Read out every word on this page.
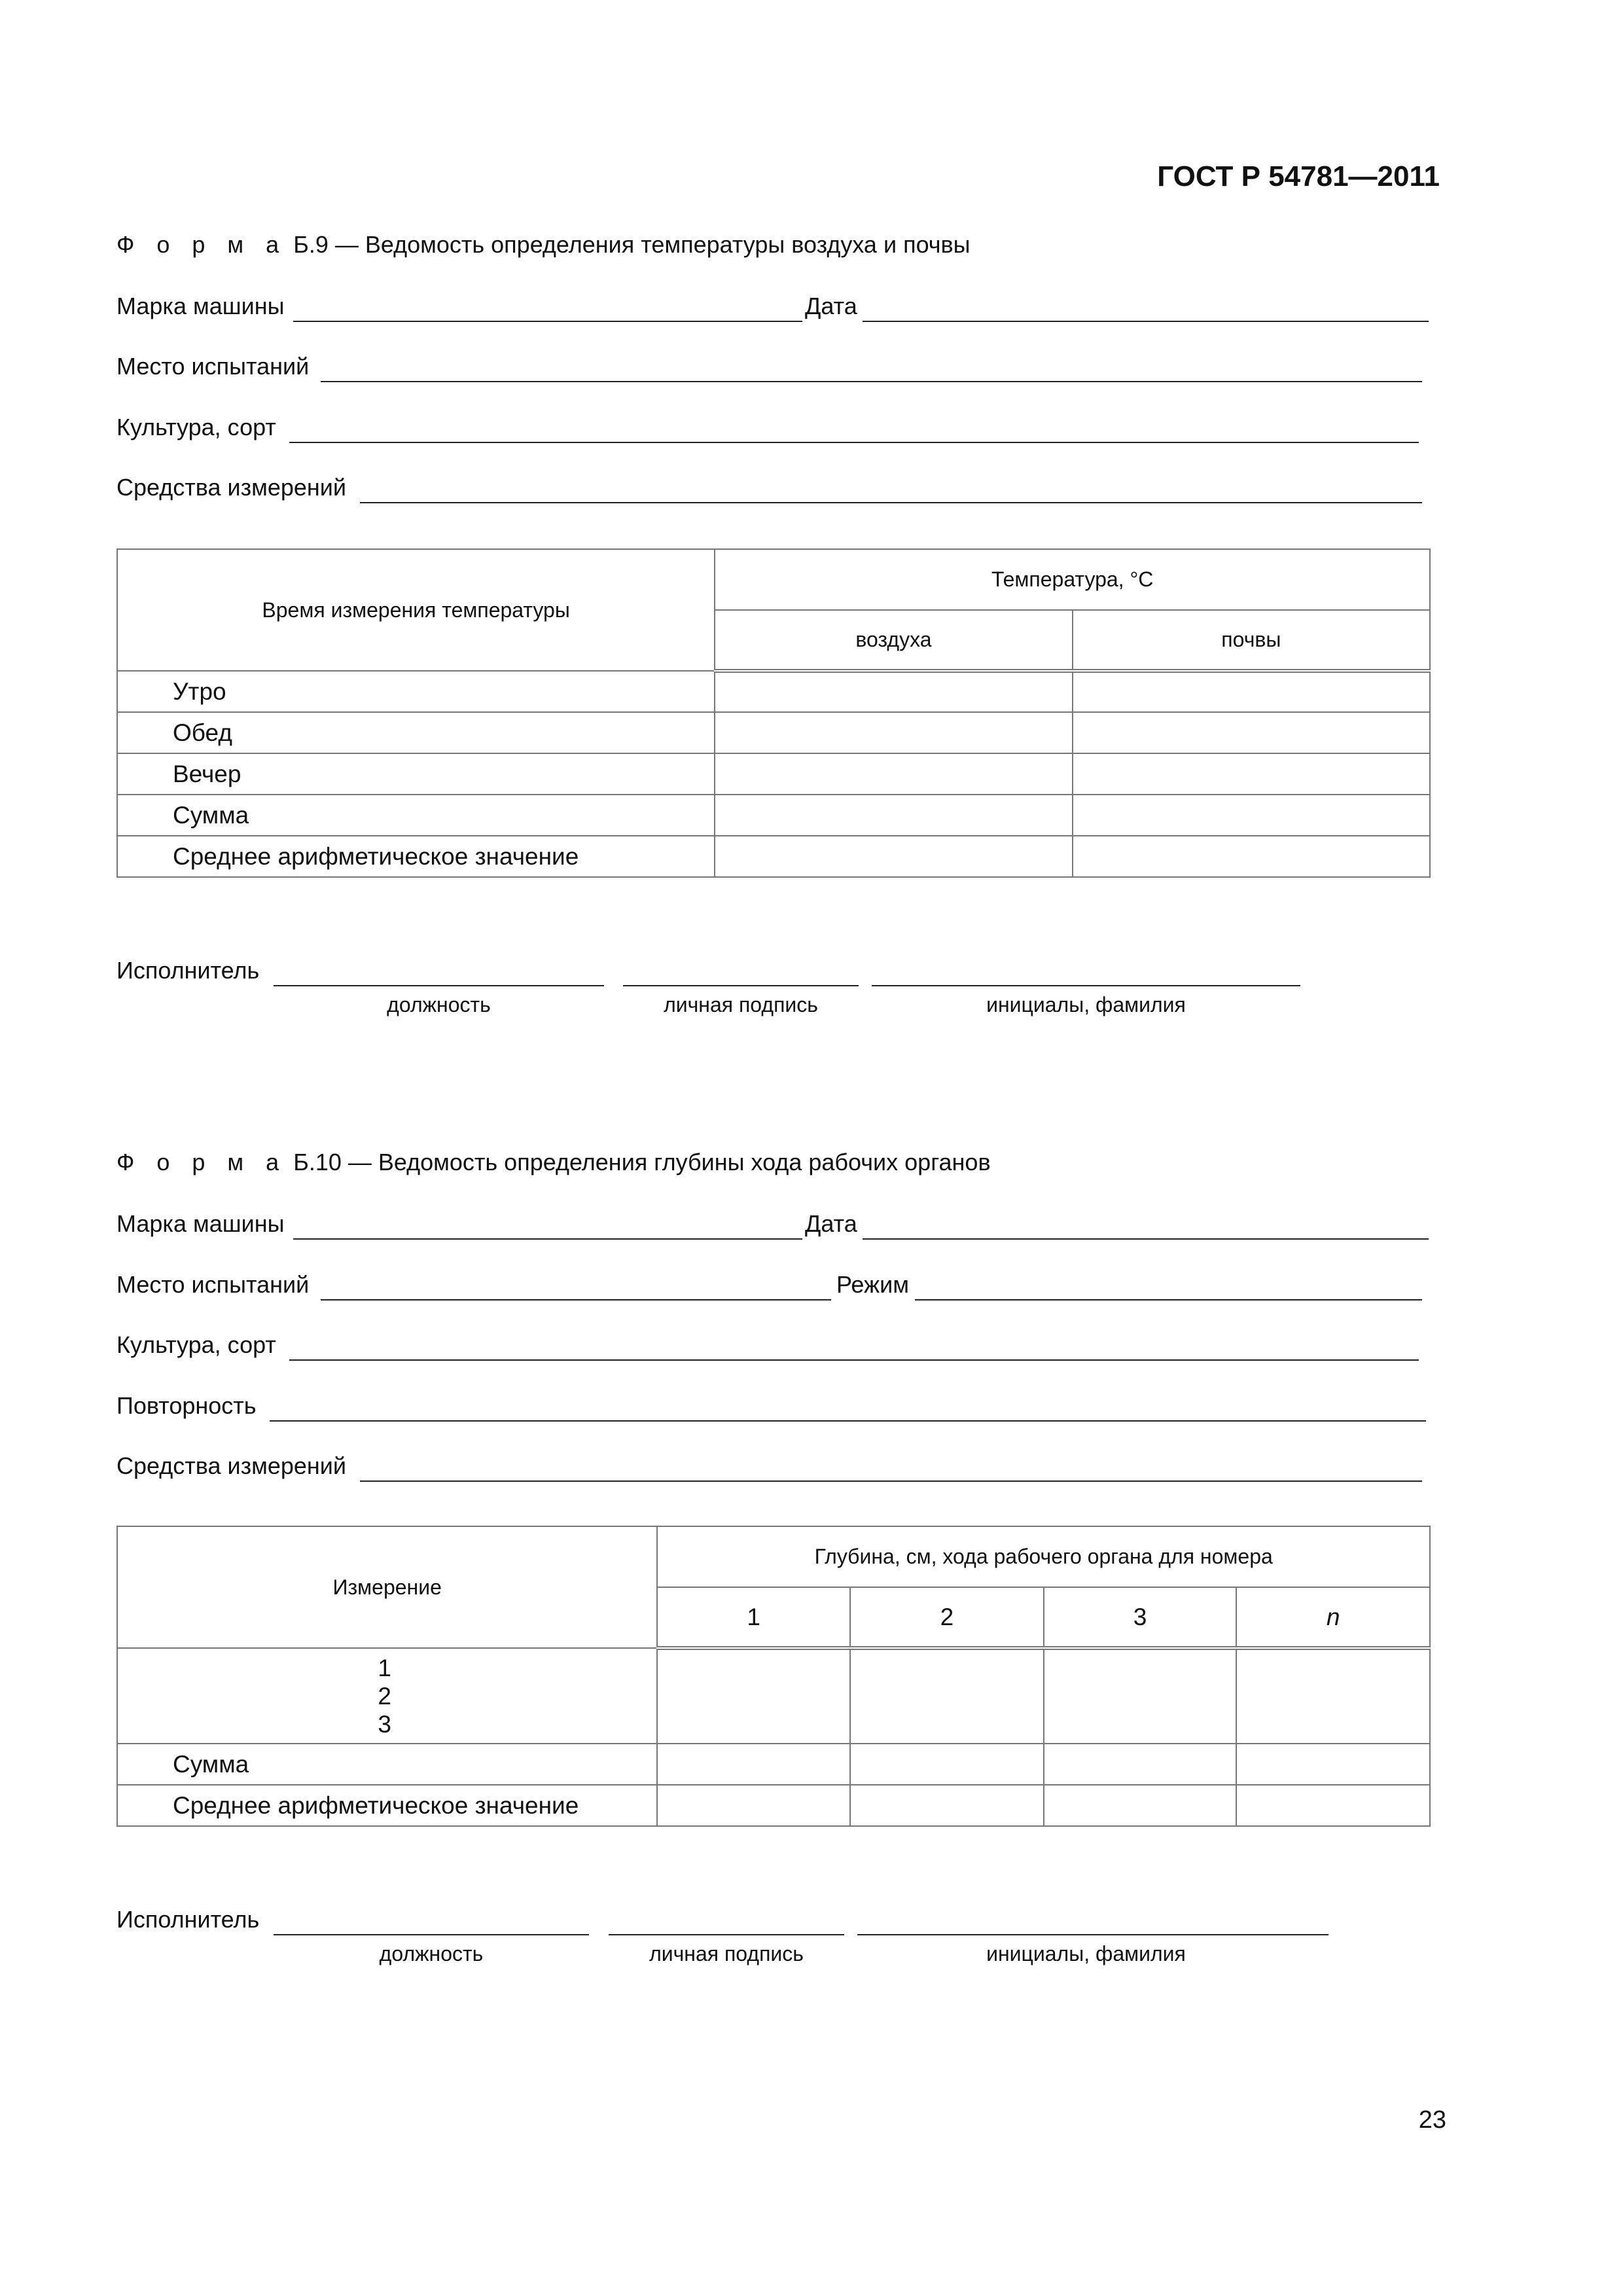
ГОСТ Р 54781—2011
Ф о р м а Б.9 — Ведомость определения температуры воздуха и почвы
Марка машины	Дата
Место испытаний
Культура, сорт
Средства измерений
Время измерения температуры	Температура, °С	
	воздуха	почвы
Утро		
Обед		
Вечер		
Сумма		
Среднее арифметическое значение		
Исполнитель
должность	личная подпись	инициалы, фамилия
Ф о р м а Б.10 — Ведомость определения глубины хода рабочих органов
Марка машины	Дата
Место испытаний	Режим
Культура, сорт
Повторность
Средства измерений
Измерение	Глубина, см, хода рабочего органа для номера			
	1	2	3	n

1
2
3				

Сумма				
Среднее арифметическое значение				
Исполнитель
должность	личная подпись	инициалы, фамилия
23
